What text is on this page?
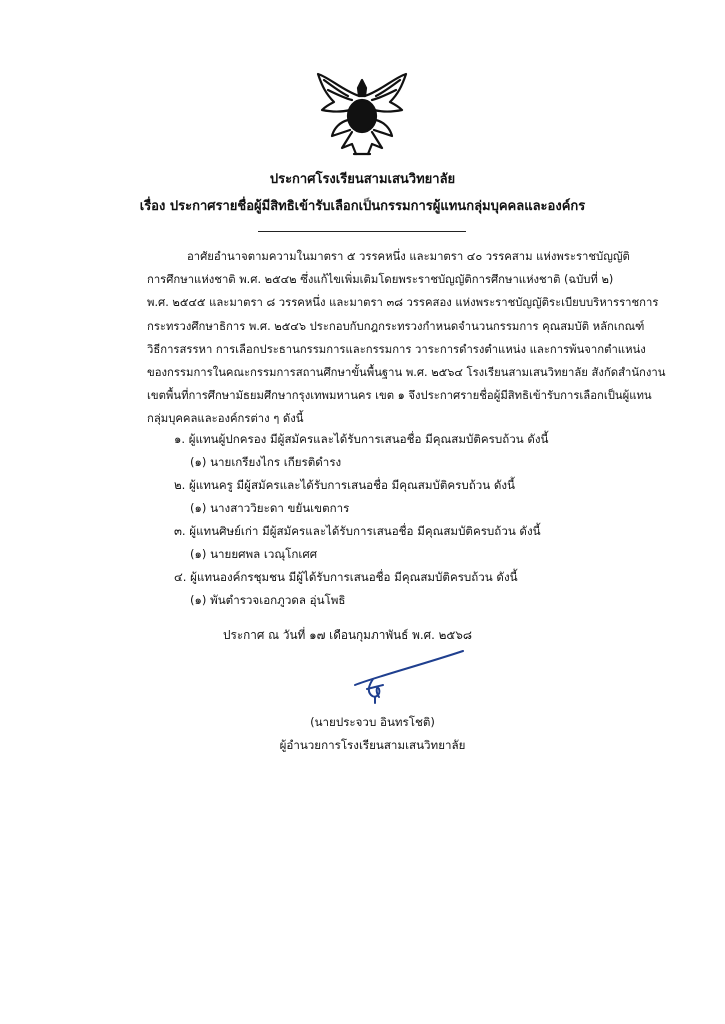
ประกาศโรงเรียนสามเสนวิทยาลัย
เรื่อง ประกาศรายชื่อผู้มีสิทธิเข้ารับเลือกเป็นกรรมการผู้แทนกลุ่มบุคคลและองค์กร

อาศัยอำนาจตามความในมาตรา ๕ วรรคหนึ่ง และมาตรา ๔๐ วรรคสาม แห่งพระราชบัญญัติ
การศึกษาแห่งชาติ พ.ศ. ๒๕๔๒ ซึ่งแก้ไขเพิ่มเติมโดยพระราชบัญญัติการศึกษาแห่งชาติ (ฉบับที่ ๒)
พ.ศ. ๒๕๔๕ และมาตรา ๘ วรรคหนึ่ง และมาตรา ๓๘ วรรคสอง แห่งพระราชบัญญัติระเบียบบริหารราชการ
กระทรวงศึกษาธิการ พ.ศ. ๒๕๔๖ ประกอบกับกฎกระทรวงกำหนดจำนวนกรรมการ คุณสมบัติ หลักเกณฑ์
วิธีการสรรหา การเลือกประธานกรรมการและกรรมการ วาระการดำรงตำแหน่ง และการพ้นจากตำแหน่ง
ของกรรมการในคณะกรรมการสถานศึกษาขั้นพื้นฐาน พ.ศ. ๒๕๖๔ โรงเรียนสามเสนวิทยาลัย สังกัดสำนักงาน
เขตพื้นที่การศึกษามัธยมศึกษากรุงเทพมหานคร เขต ๑ จึงประกาศรายชื่อผู้มีสิทธิเข้ารับการเลือกเป็นผู้แทน
กลุ่มบุคคลและองค์กรต่าง ๆ ดังนี้

๑. ผู้แทนผู้ปกครอง มีผู้สมัครและได้รับการเสนอชื่อ มีคุณสมบัติครบถ้วน ดังนี้
(๑) นายเกรียงไกร เกียรติดำรง
๒. ผู้แทนครู มีผู้สมัครและได้รับการเสนอชื่อ มีคุณสมบัติครบถ้วน ดังนี้
(๑) นางสาววิยะดา ขยันเขตการ
๓. ผู้แทนศิษย์เก่า มีผู้สมัครและได้รับการเสนอชื่อ มีคุณสมบัติครบถ้วน ดังนี้
(๑) นายยศพล เวณุโกเศศ
๔. ผู้แทนองค์กรชุมชน มีผู้ได้รับการเสนอชื่อ มีคุณสมบัติครบถ้วน ดังนี้
(๑) พันตำรวจเอกภูวดล อุ่นโพธิ
ประกาศ ณ วันที่ ๑๗ เดือนกุมภาพันธ์ พ.ศ. ๒๕๖๘
(นายประจวบ อินทรโชติ)
ผู้อำนวยการโรงเรียนสามเสนวิทยาลัย
